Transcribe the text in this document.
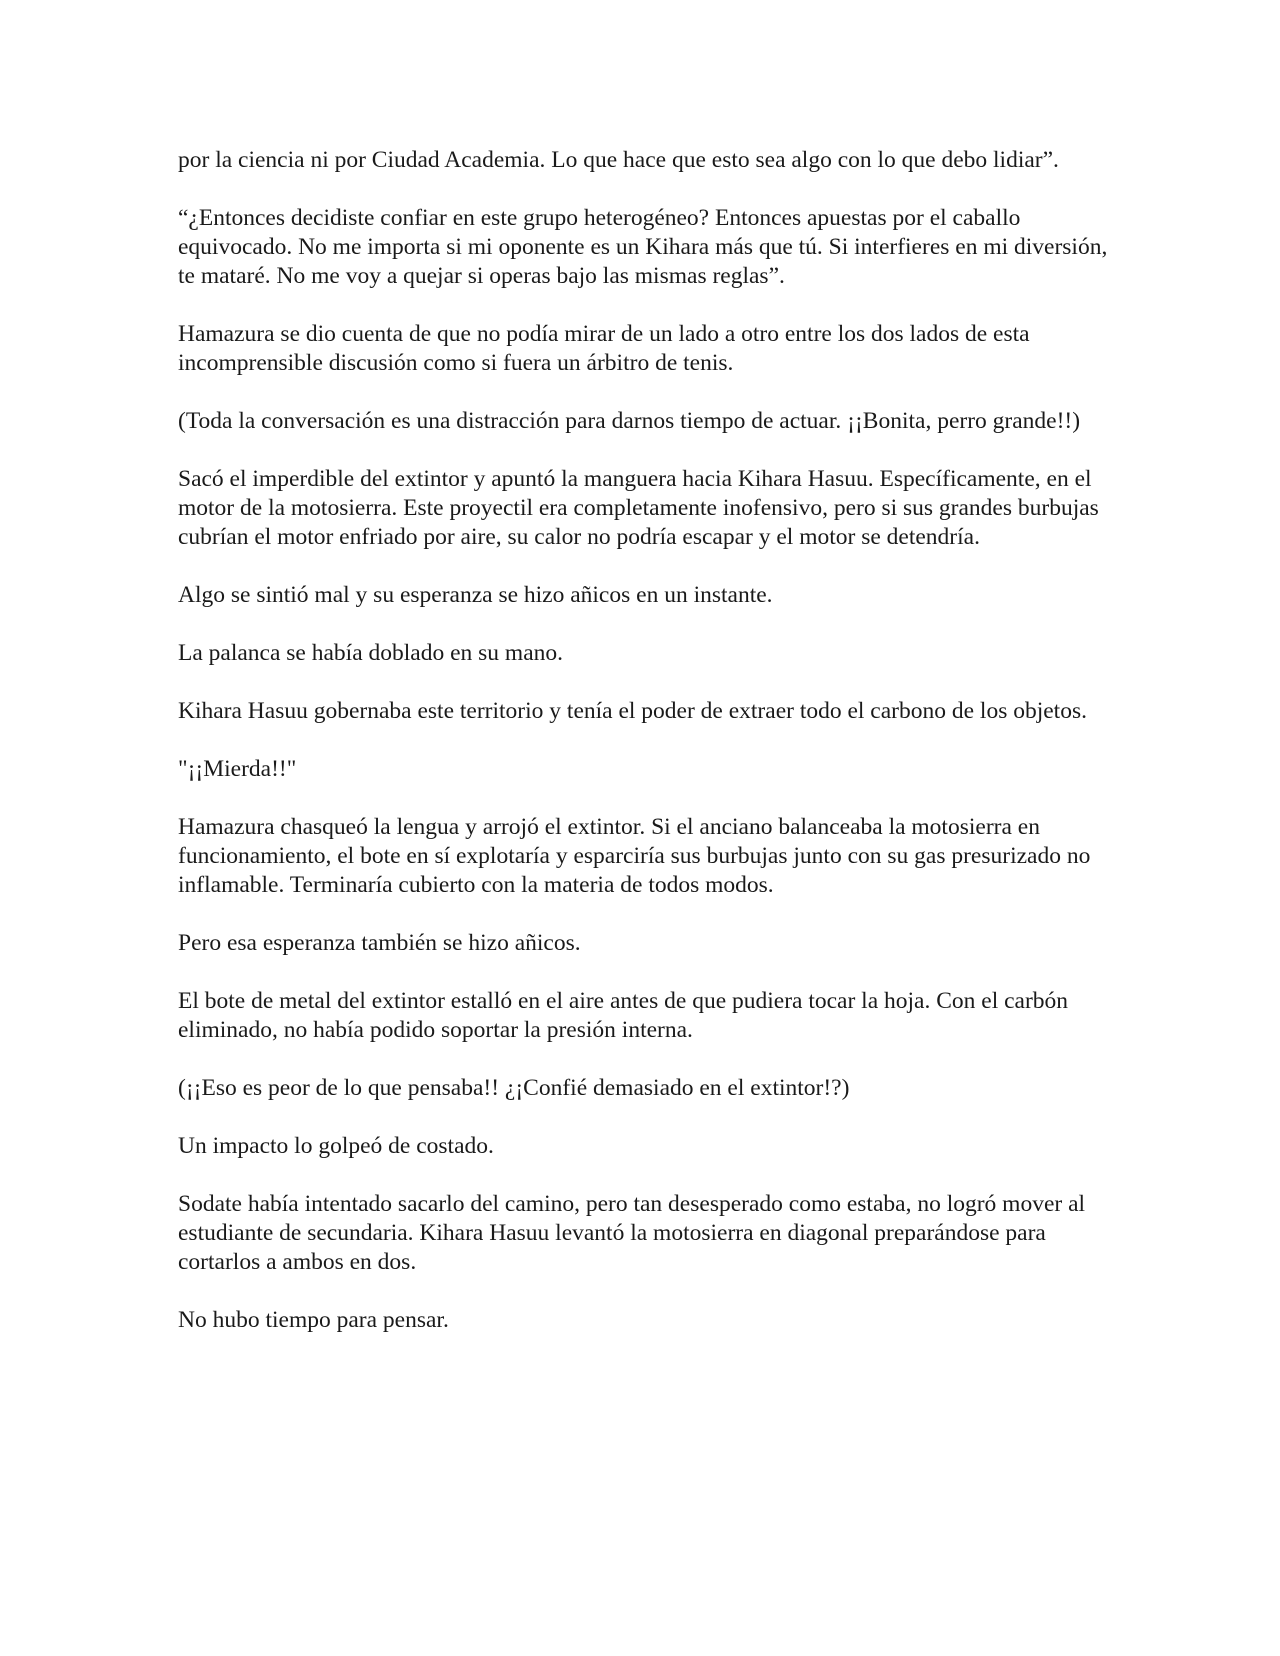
por la ciencia ni por Ciudad Academia. Lo que hace que esto sea algo con lo que debo lidiar”.

“¿Entonces decidiste confiar en este grupo heterogéneo? Entonces apuestas por el caballo equivocado. No me importa si mi oponente es un Kihara más que tú. Si interfieres en mi diversión, te mataré. No me voy a quejar si operas bajo las mismas reglas”.

Hamazura se dio cuenta de que no podía mirar de un lado a otro entre los dos lados de esta incomprensible discusión como si fuera un árbitro de tenis.

(Toda la conversación es una distracción para darnos tiempo de actuar. ¡¡Bonita, perro grande!!)

Sacó el imperdible del extintor y apuntó la manguera hacia Kihara Hasuu. Específicamente, en el motor de la motosierra. Este proyectil era completamente inofensivo, pero si sus grandes burbujas cubrían el motor enfriado por aire, su calor no podría escapar y el motor se detendría.

Algo se sintió mal y su esperanza se hizo añicos en un instante.

La palanca se había doblado en su mano.

Kihara Hasuu gobernaba este territorio y tenía el poder de extraer todo el carbono de los objetos.

"¡¡Mierda!!"

Hamazura chasqueó la lengua y arrojó el extintor. Si el anciano balanceaba la motosierra en funcionamiento, el bote en sí explotaría y esparciría sus burbujas junto con su gas presurizado no inflamable. Terminaría cubierto con la materia de todos modos.

Pero esa esperanza también se hizo añicos.

El bote de metal del extintor estalló en el aire antes de que pudiera tocar la hoja. Con el carbón eliminado, no había podido soportar la presión interna.

(¡¡Eso es peor de lo que pensaba!! ¿¡Confié demasiado en el extintor!?)

Un impacto lo golpeó de costado.

Sodate había intentado sacarlo del camino, pero tan desesperado como estaba, no logró mover al estudiante de secundaria. Kihara Hasuu levantó la motosierra en diagonal preparándose para cortarlos a ambos en dos.

No hubo tiempo para pensar.
